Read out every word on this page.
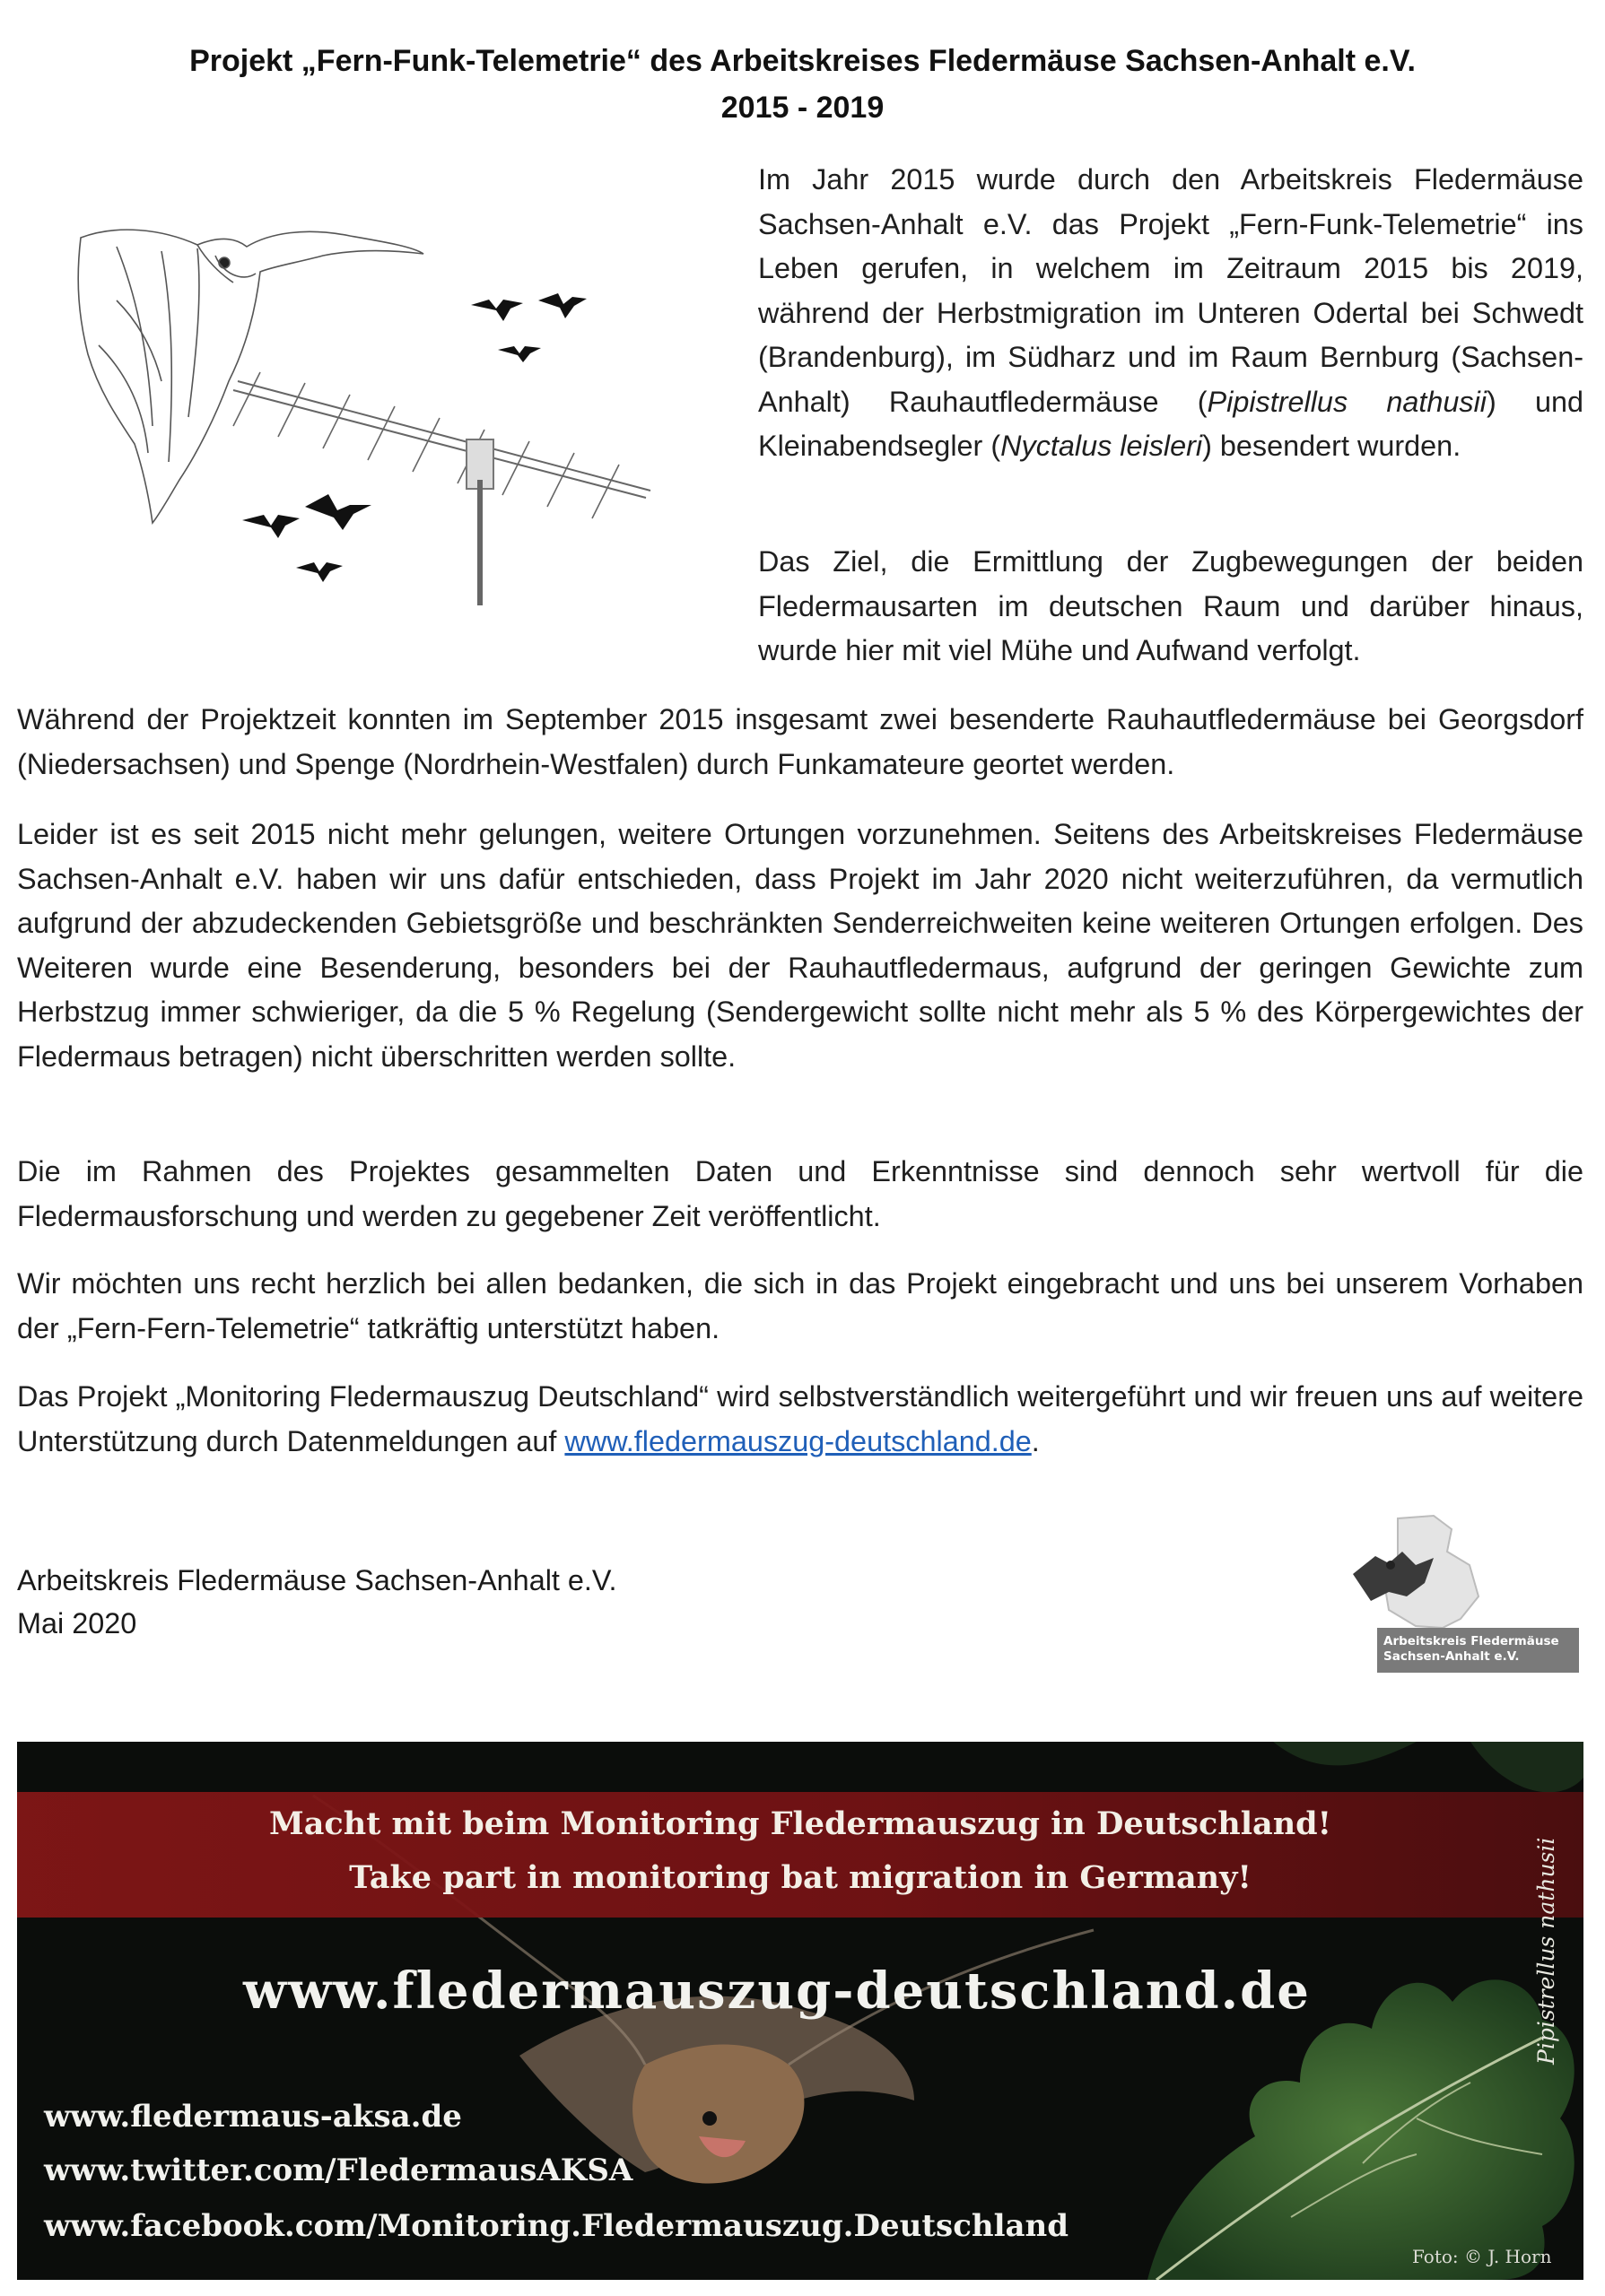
Projekt „Fern-Funk-Telemetrie“ des Arbeitskreises Fledermäuse Sachsen-Anhalt e.V.
2015 - 2019

Im Jahr 2015 wurde durch den Arbeitskreis Fledermäuse Sachsen-Anhalt e.V. das Projekt „Fern-Funk-Telemetrie“ ins Leben gerufen, in welchem im Zeitraum 2015 bis 2019, während der Herbstmigration im Unteren Odertal bei Schwedt (Brandenburg), im Südharz und im Raum Bernburg (Sachsen-Anhalt) Rauhautfledermäuse (Pipistrellus nathusii) und Kleinabendsegler (Nyctalus leisleri) besendert wurden.

Das Ziel, die Ermittlung der Zugbewegungen der beiden Fledermausarten im deutschen Raum und darüber hinaus, wurde hier mit viel Mühe und Aufwand verfolgt.

Während der Projektzeit konnten im September 2015 insgesamt zwei besenderte Rauhautfledermäuse bei Georgsdorf (Niedersachsen) und Spenge (Nordrhein-Westfalen) durch Funkamateure geortet werden.

Leider ist es seit 2015 nicht mehr gelungen, weitere Ortungen vorzunehmen. Seitens des Arbeitskreises Fledermäuse Sachsen-Anhalt e.V. haben wir uns dafür entschieden, dass Projekt im Jahr 2020 nicht weiterzuführen, da vermutlich aufgrund der abzudeckenden Gebietsgröße und beschränkten Senderreichweiten keine weiteren Ortungen erfolgen. Des Weiteren wurde eine Besenderung, besonders bei der Rauhautfledermaus, aufgrund der geringen Gewichte zum Herbstzug immer schwieriger, da die 5 % Regelung (Sendergewicht sollte nicht mehr als 5 % des Körpergewichtes der Fledermaus betragen) nicht überschritten werden sollte.

Die im Rahmen des Projektes gesammelten Daten und Erkenntnisse sind dennoch sehr wertvoll für die Fledermausforschung und werden zu gegebener Zeit veröffentlicht.

Wir möchten uns recht herzlich bei allen bedanken, die sich in das Projekt eingebracht und uns bei unserem Vorhaben der „Fern-Fern-Telemetrie“ tatkräftig unterstützt haben.

Das Projekt „Monitoring Fledermauszug Deutschland“ wird selbstverständlich weitergeführt und wir freuen uns auf weitere Unterstützung durch Datenmeldungen auf www.fledermauszug-deutschland.de.

Arbeitskreis Fledermäuse Sachsen-Anhalt e.V.
Mai 2020
Arbeitskreis Fledermäuse
Sachsen-Anhalt e.V.
Macht mit beim Monitoring Fledermauszug in Deutschland!
Take part in monitoring bat migration in Germany!
www.fledermauszug-deutschland.de
www.fledermaus-aksa.de
www.twitter.com/FledermausAKSA
www.facebook.com/Monitoring.Fledermauszug.Deutschland
Pipistrellus nathusii
Foto: © J. Horn
